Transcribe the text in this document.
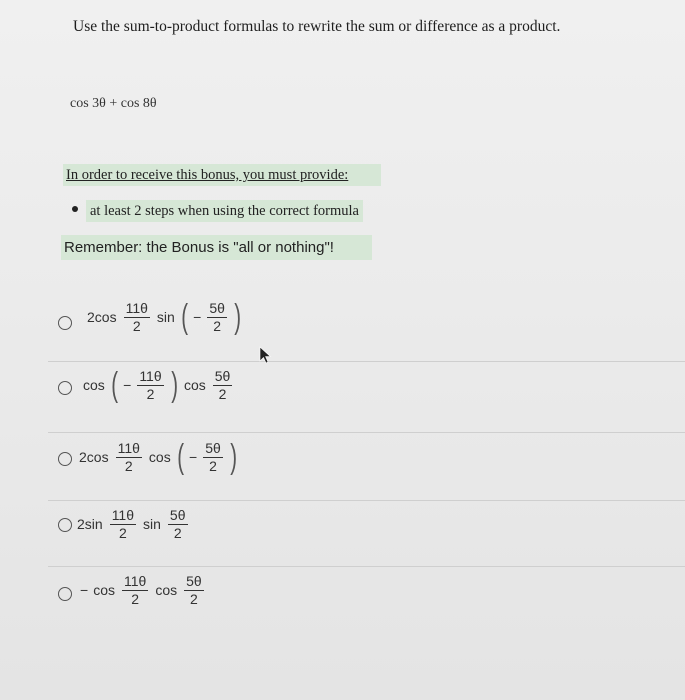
Use the sum-to-product formulas to rewrite the sum or difference as a product.
cos 3θ + cos 8θ
In order to receive this bonus, you must provide:
at least 2 steps when using the correct formula
Remember: the Bonus is "all or nothing"!
$2\cos \frac{11\theta}{2}$ sin ( − $\frac{5\theta}{2}$ )
cos ( − $\frac{11\theta}{2}$ ) $\cos \frac{5\theta}{2}$
$2\cos \frac{11\theta}{2}$ cos ( − $\frac{5\theta}{2}$ )
$2\sin \frac{11\theta}{2}$ $\sin \frac{5\theta}{2}$
− $\cos \frac{11\theta}{2}$ $\cos \frac{5\theta}{2}$
